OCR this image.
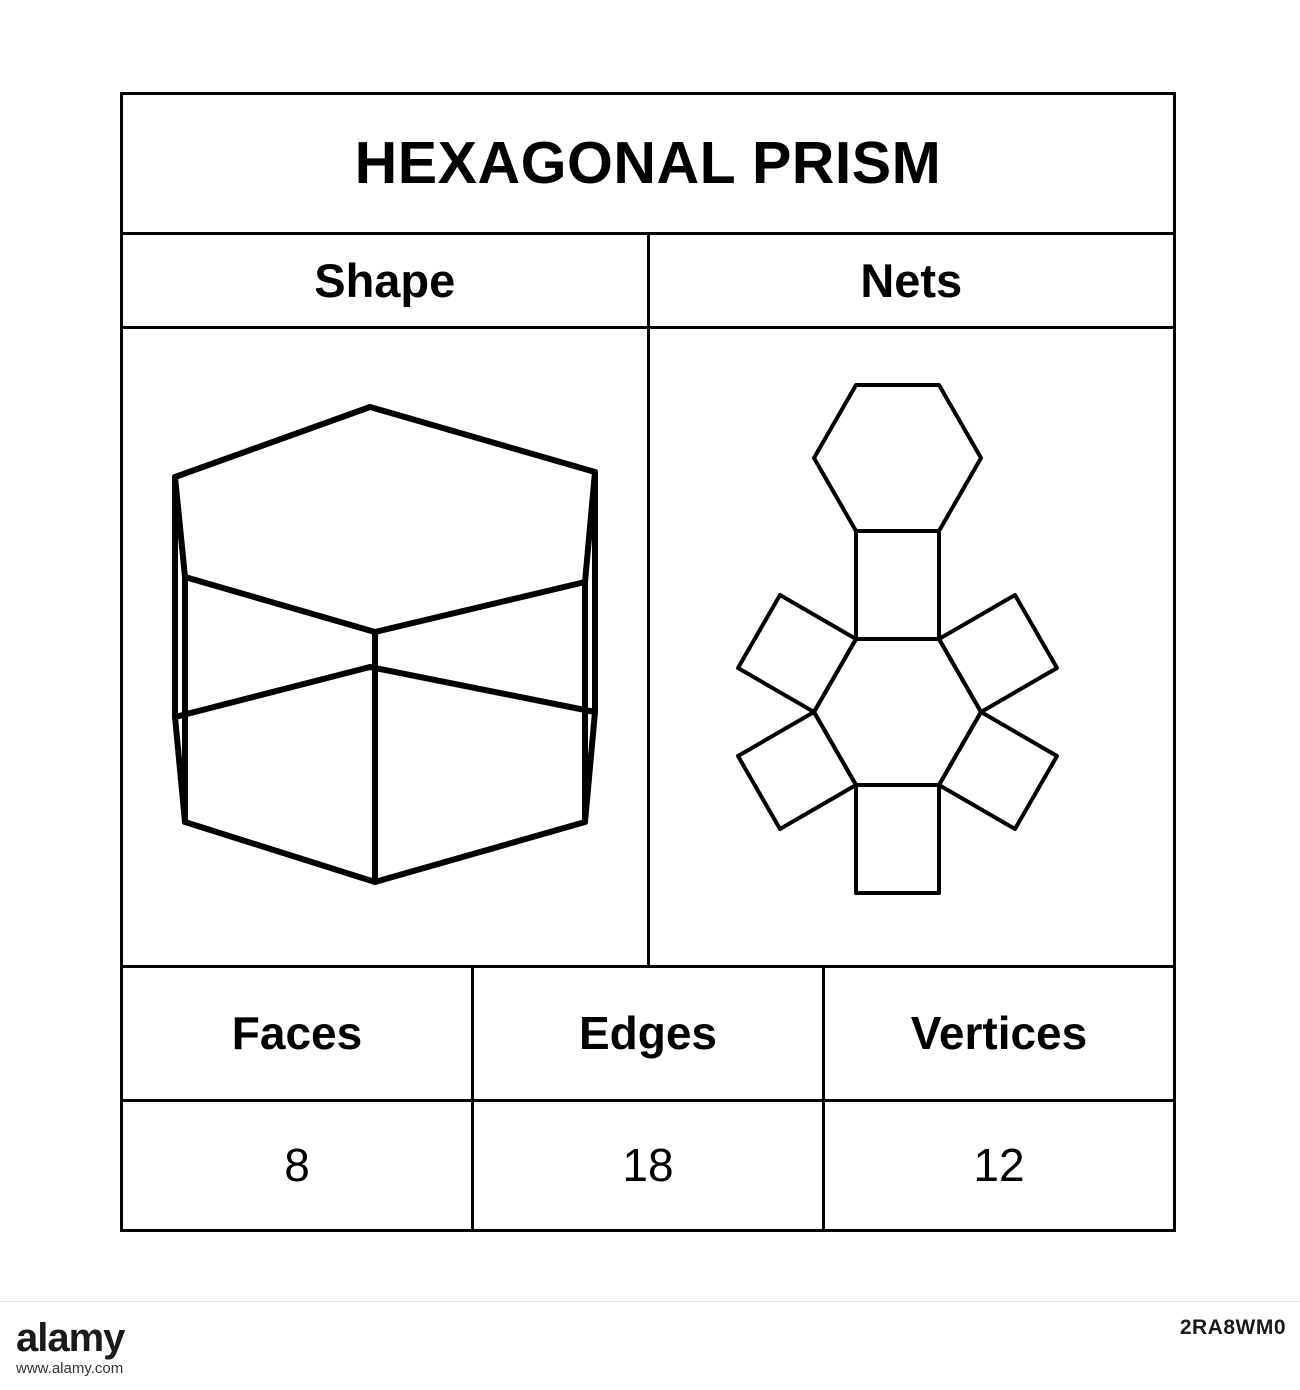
HEXAGONAL PRISM
Shape	Nets
Faces	Edges	Vertices
8	18	12
alamy
www.alamy.com
2RA8WM0
